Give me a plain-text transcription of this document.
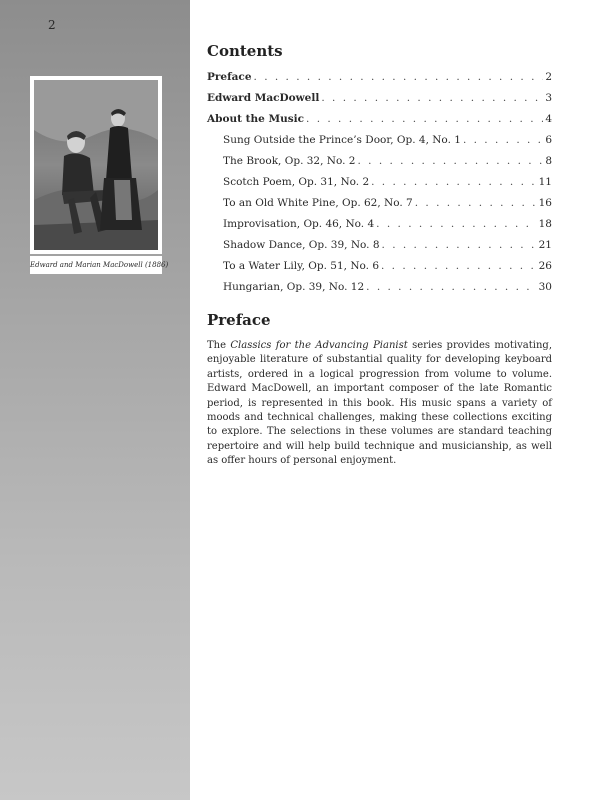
2
Edward and Marian MacDowell (1886)
Contents
Preface . . .	2
Edward MacDowell . . .	3
About the Music . . .	4
Sung Outside the Prince’s Door, Op. 4, No. 1 . . .	6
The Brook, Op. 32, No. 2 . . .	8
Scotch Poem, Op. 31, No. 2 . . .	11
To an Old White Pine, Op. 62, No. 7 . . .	16
Improvisation, Op. 46, No. 4 . . .	18
Shadow Dance, Op. 39, No. 8 . . .	21
To a Water Lily, Op. 51, No. 6 . . .	26
Hungarian, Op. 39, No. 12 . . .	30
Preface

The Classics for the Advancing Pianist series provides motivating, enjoyable literature of substantial quality for developing keyboard artists, ordered in a logical progression from volume to volume. Edward MacDowell, an important composer of the late Romantic period, is represented in this book. His music spans a variety of moods and technical challenges, making these collections exciting to explore. The selections in these volumes are standard teaching repertoire and will help build technique and musicianship, as well as offer hours of personal enjoyment.
